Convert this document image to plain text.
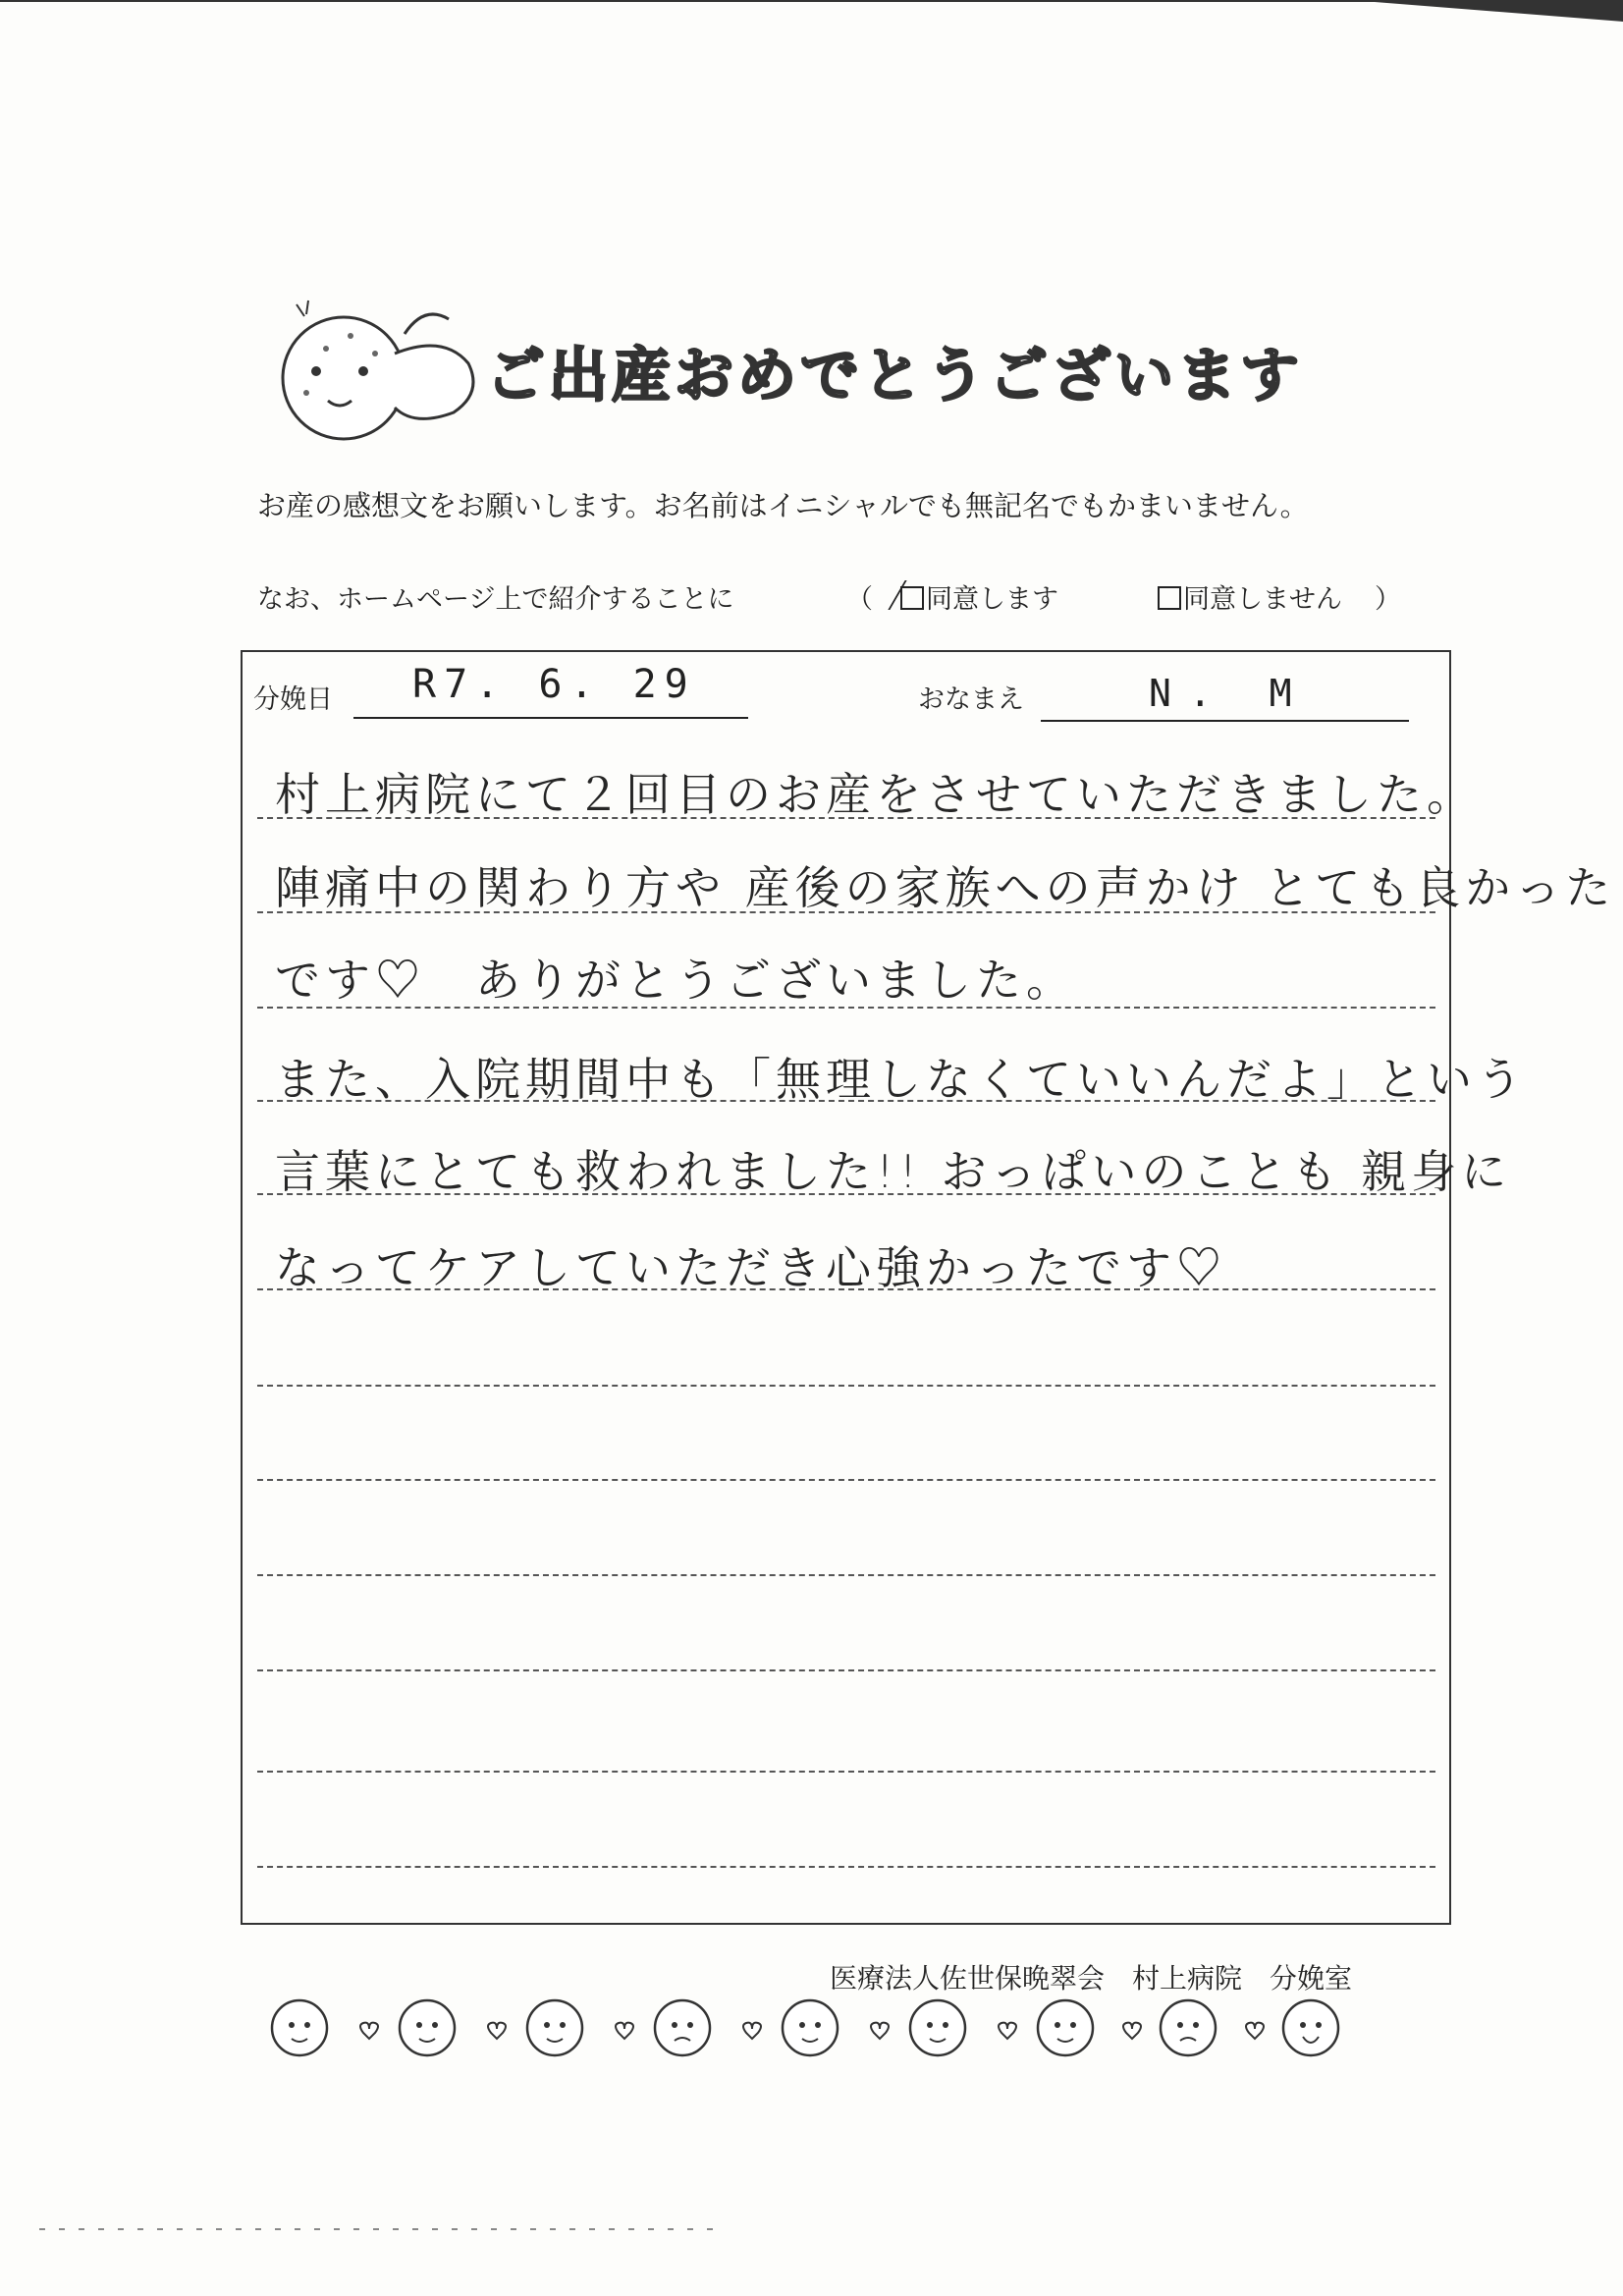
ご出産おめでとうございます
お産の感想文をお願いします。お名前はイニシャルでも無記名でもかまいません。
なお、ホームページ上で紹介することに	（	同意します	同意しません ）
分娩日 R7. 6. 29	おなまえ	N. M
村上病院にて２回目のお産をさせていただきました。
陣痛中の関わり方や 産後の家族への声かけ とても良かった
です♡　ありがとうございました。
また、入院期間中も「無理しなくていいんだよ」という
言葉にとても救われました!! おっぱいのことも 親身に
なってケアしていただき心強かったです♡
医療法人佐世保晩翠会　村上病院　分娩室
